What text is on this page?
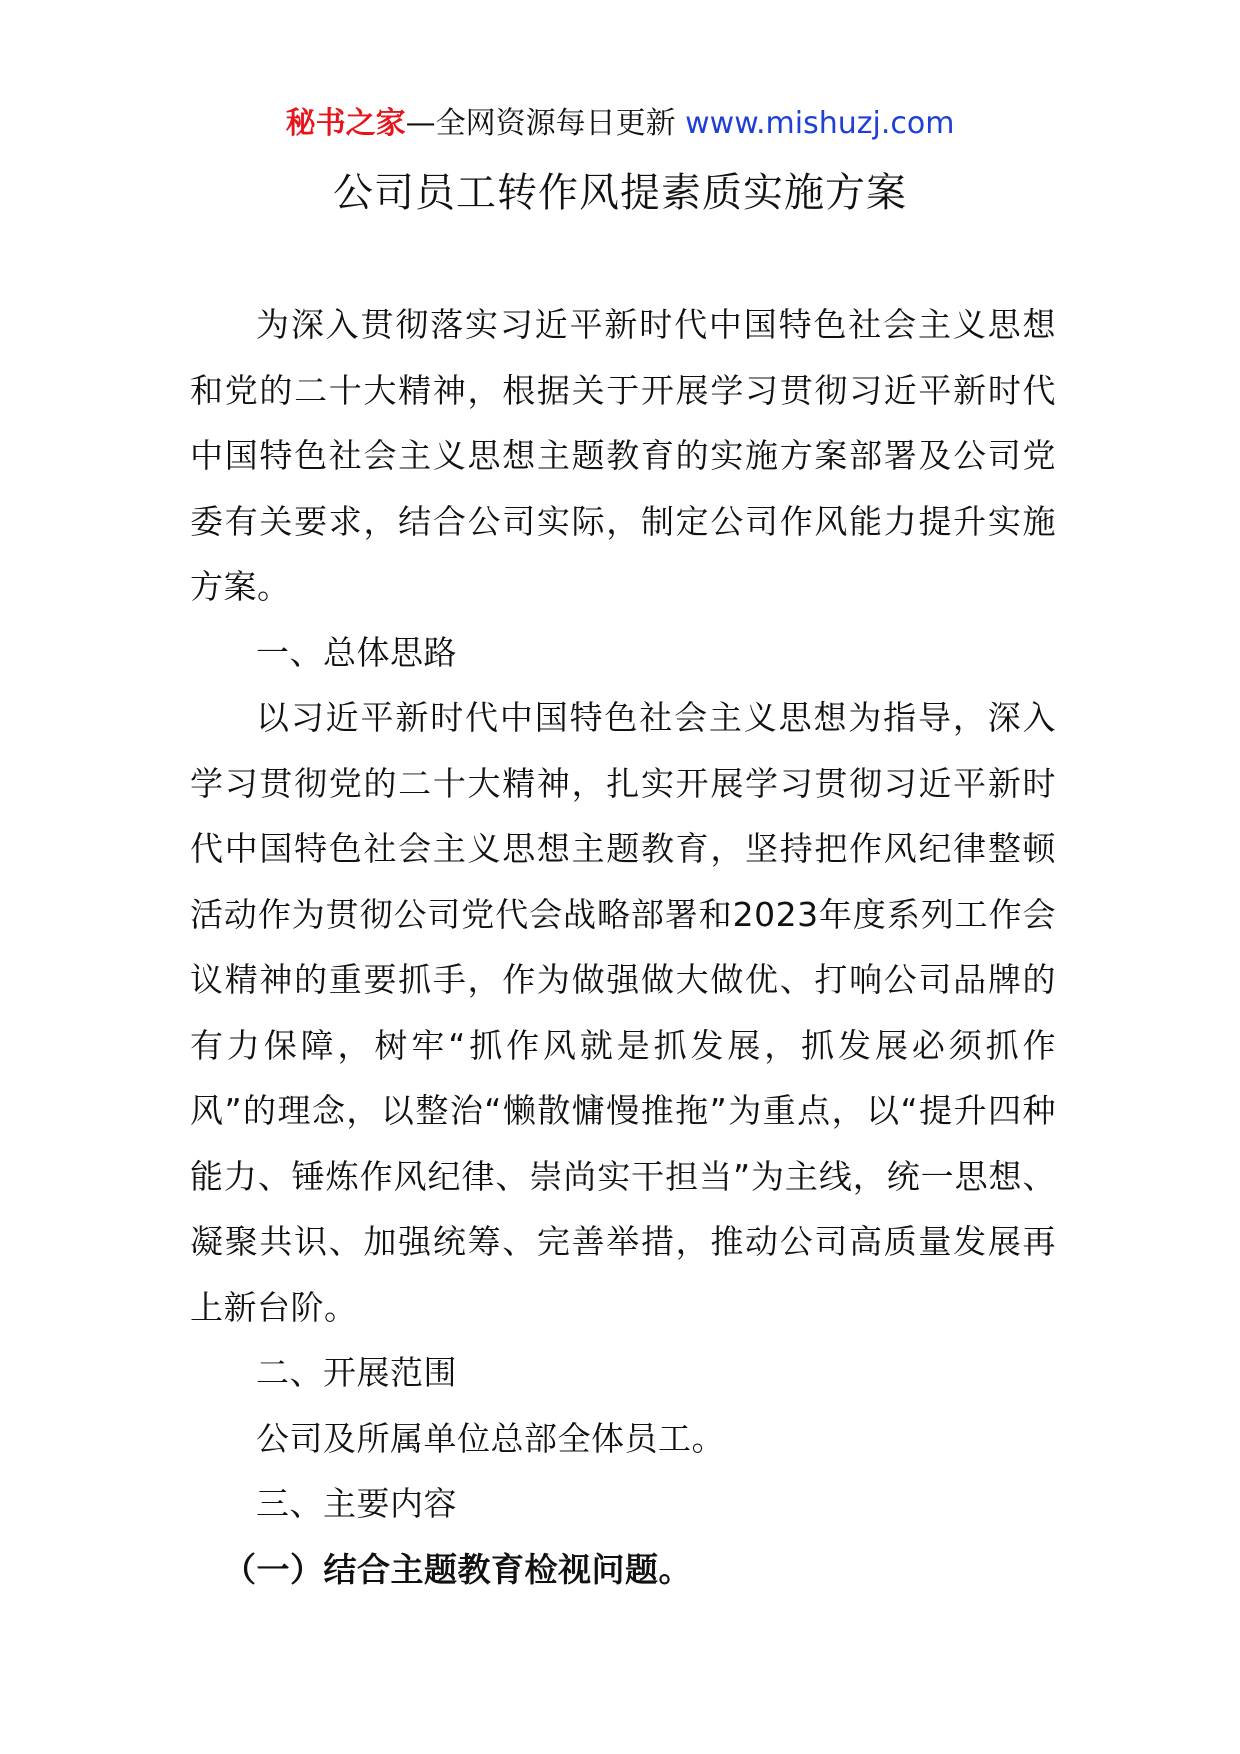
秘书之家—全网资源每日更新 www.mishuzj.com
公司员工转作风提素质实施方案

为深入贯彻落实习近平新时代中国特色社会主义思想和党的二十大精神，根据关于开展学习贯彻习近平新时代中国特色社会主义思想主题教育的实施方案部署及公司党委有关要求，结合公司实际，制定公司作风能力提升实施方案。

一、总体思路

以习近平新时代中国特色社会主义思想为指导，深入学习贯彻党的二十大精神，扎实开展学习贯彻习近平新时代中国特色社会主义思想主题教育，坚持把作风纪律整顿活动作为贯彻公司党代会战略部署和2023年度系列工作会议精神的重要抓手，作为做强做大做优、打响公司品牌的有力保障，树牢“抓作风就是抓发展，抓发展必须抓作风”的理念，以整治“懒散慵慢推拖”为重点，以“提升四种能力、锤炼作风纪律、崇尚实干担当”为主线，统一思想、凝聚共识、加强统筹、完善举措，推动公司高质量发展再上新台阶。

二、开展范围

公司及所属单位总部全体员工。

三、主要内容

（一）结合主题教育检视问题。
